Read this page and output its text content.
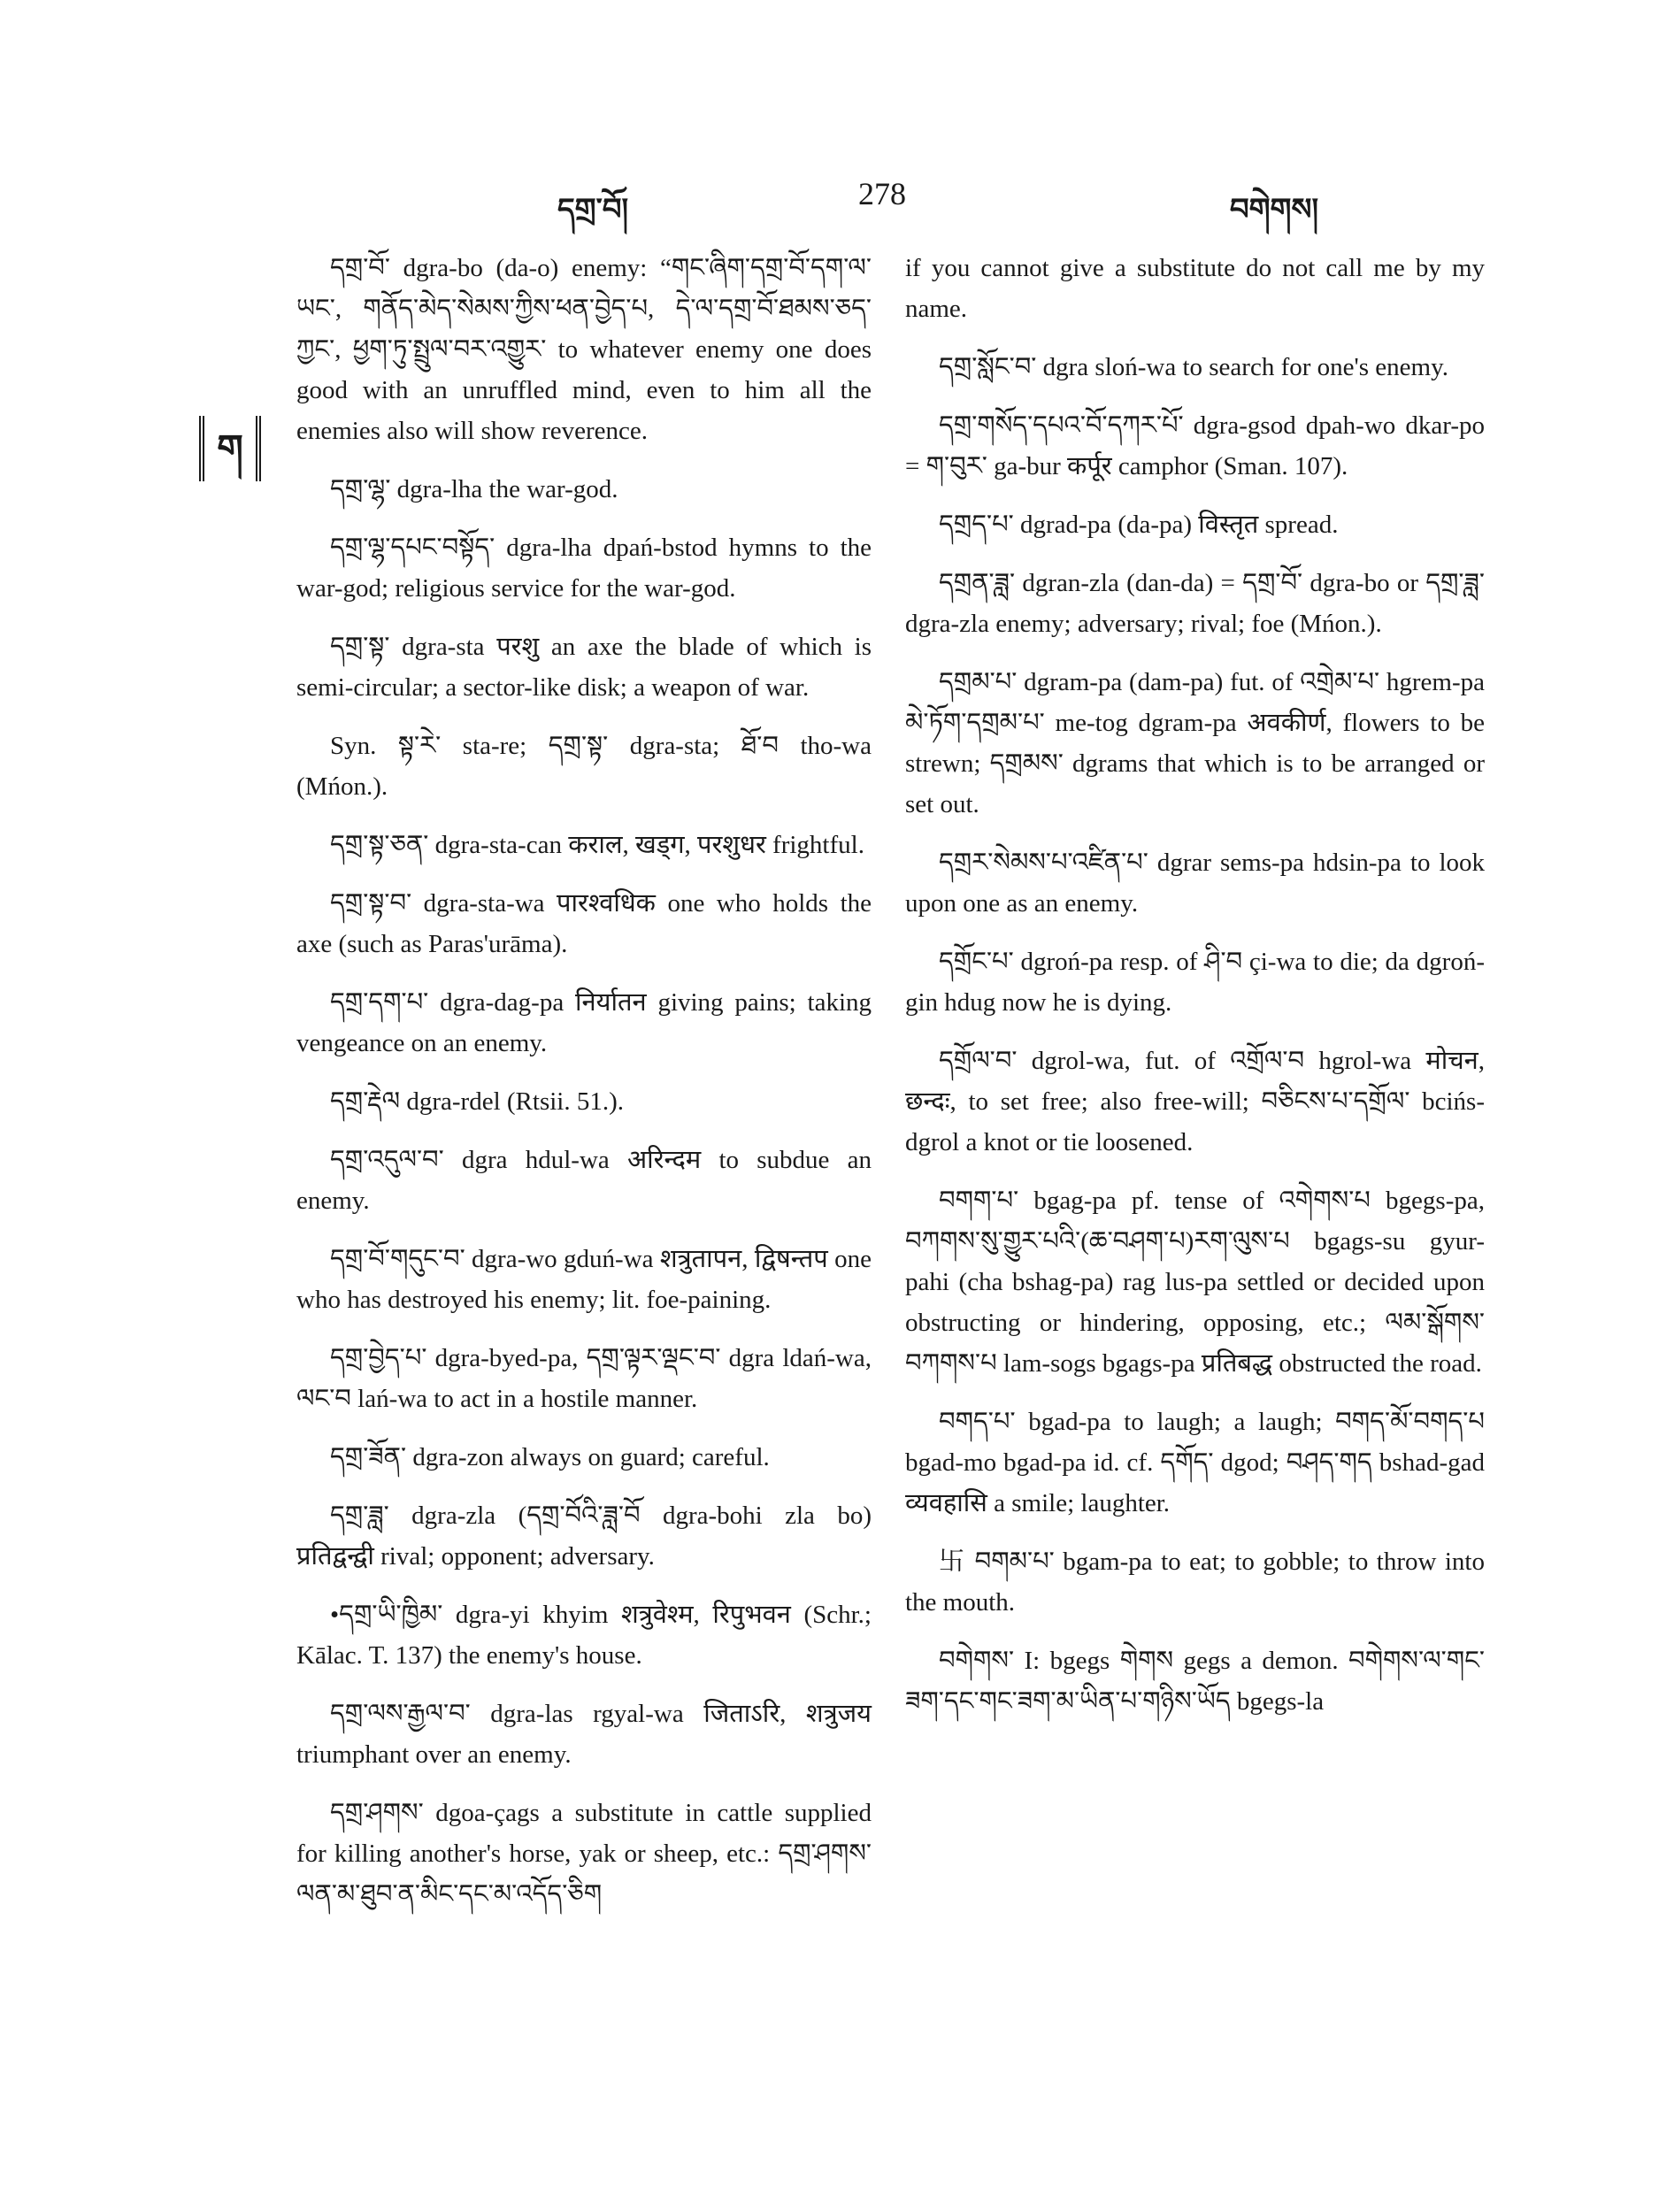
དགྲ་བོ།	278	བགེགས།
ག

དགྲ་བོ་ dgra-bo (da-o) enemy: “གང་ཞིག་དགྲ་བོ་དག་ལ་ཡང་, གནོད་མེད་སེམས་ཀྱིས་ཕན་བྱེད་པ, དེ་ལ་དགྲ་བོ་ཐམས་ཅད་ཀྱང་, ཕྱག་ཏུ་སྤྲུལ་བར་འགྱུར་ to whatever enemy one does good with an unruffled mind, even to him all the enemies also will show reverence.

དགྲ་ལྷ་ dgra-lha the war-god.

དགྲ་ལྷ་དཔང་བསྟོད་ dgra-lha dpań-bstod hymns to the war-god; religious service for the war-god.

དགྲ་སྟ་ dgra-sta परशु an axe the blade of which is semi-circular; a sector-like disk; a weapon of war.

Syn. སྟ་རེ་ sta-re; དགྲ་སྟ་ dgra-sta; ཐོ་བ tho-wa (Mńon.).

དགྲ་སྟ་ཅན་ dgra-sta-can कराल, खड्ग, परशुधर frightful.

དགྲ་སྟ་བ་ dgra-sta-wa पारश्वधिक one who holds the axe (such as Paras'urāma).

དགྲ་དག་པ་ dgra-dag-pa निर्यातन giving pains; taking vengeance on an enemy.

དགྲ་རྡེལ dgra-rdel (Rtsii. 51.).

དགྲ་འདུལ་བ་ dgra hdul-wa अरिन्दम to subdue an enemy.

དགྲ་བོ་གདུང་བ་ dgra-wo gduń-wa शत्रुतापन, द्विषन्तप one who has destroyed his enemy; lit. foe-paining.

དགྲ་བྱེད་པ་ dgra-byed-pa, དགྲ་ལྟར་ལྡང་བ་ dgra ldań-wa, ལང་བ lań-wa to act in a hostile manner.

དགྲ་ཟོན་ dgra-zon always on guard; careful.

དགྲ་ཟླ་ dgra-zla (དགྲ་བོའི་ཟླ་བོ dgra-bohi zla bo) प्रतिद्वन्द्वी rival; opponent; adversary.

•དགྲ་ཡི་ཁྱིམ་ dgra-yi khyim शत्रुवेश्म, रिपुभवन (Schr.; Kālac. T. 137) the enemy's house.

དགྲ་ལས་རྒྱལ་བ་ dgra-las rgyal-wa जिताऽरि, शत्रुजय triumphant over an enemy.

དགྲ་ཤགས་ dgoa-çags a substitute in cattle supplied for killing another's horse, yak or sheep, etc.: དགྲ་ཤགས་ལན་མ་ཐུབ་ན་མིང་དང་མ་འདོད་ཅིག

if you cannot give a substitute do not call me by my name.

དགྲ་སློང་བ་ dgra sloń-wa to search for one's enemy.

དགྲ་གསོད་དཔའ་བོ་དཀར་པོ་ dgra-gsod dpah-wo dkar-po = ག་བུར་ ga-bur कर्पूर camphor (Sman. 107).

དགྲད་པ་ dgrad-pa (da-pa) विस्तृत spread.

དགྲན་ཟླ་ dgran-zla (dan-da) = དགྲ་བོ་ dgra-bo or དགྲ་ཟླ་ dgra-zla enemy; adversary; rival; foe (Mńon.).

དགྲམ་པ་ dgram-pa (dam-pa) fut. of འགྲེམ་པ་ hgrem-pa མེ་ཏོག་དགྲམ་པ་ me-tog dgram-pa अवकीर्ण, flowers to be strewn; དགྲམས་ dgrams that which is to be arranged or set out.

དགྲར་སེམས་པ་འཛིན་པ་ dgrar sems-pa hdsin-pa to look upon one as an enemy.

དགྲོང་པ་ dgroń-pa resp. of ཤི་བ çi-wa to die; da dgroń-gin hdug now he is dying.

དགྲོལ་བ་ dgrol-wa, fut. of འགྲོལ་བ hgrol-wa मोचन, छन्दः, to set free; also free-will; བཅིངས་པ་དགྲོལ་ bcińs-dgrol a knot or tie loosened.

བགག་པ་ bgag-pa pf. tense of འགེགས་པ bgegs-pa, བཀགས་སུ་གྱུར་པའི་(ཆ་བཤག་པ)རག་ལུས་པ bgags-su gyur-pahi (cha bshag-pa) rag lus-pa settled or decided upon obstructing or hindering, opposing, etc.; ལམ་སྒོགས་བཀགས་པ lam-sogs bgags-pa प्रतिबद्ध obstructed the road.

བགད་པ་ bgad-pa to laugh; a laugh; བགད་མོ་བགད་པ bgad-mo bgad-pa id. cf. དགོད་ dgod; བཤད་གད bshad-gad व्यवहासि a smile; laughter.

卐 བགམ་པ་ bgam-pa to eat; to gobble; to throw into the mouth.

བགེགས་ I: bgegs གེགས gegs a demon. བགེགས་ལ་གང་ཟག་དང་གང་ཟག་མ་ཡིན་པ་གཉིས་ཡོད bgegs-la
